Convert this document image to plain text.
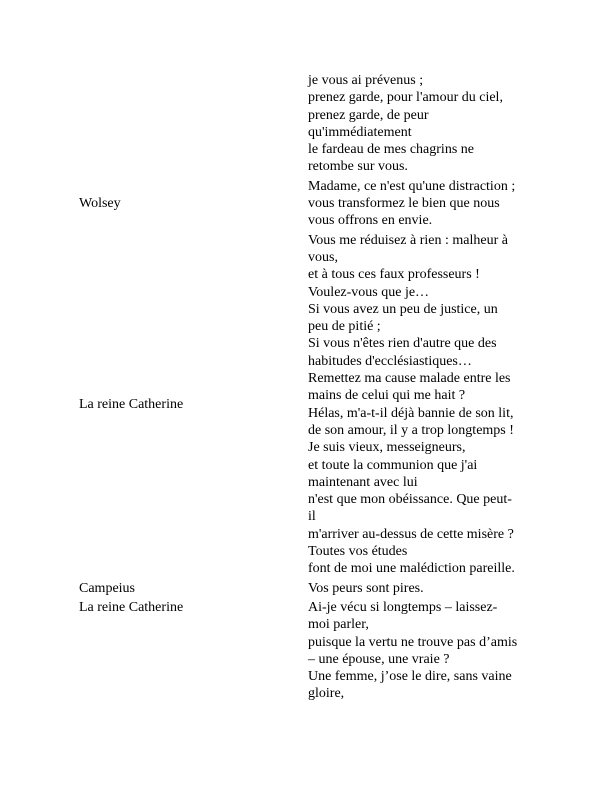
je vous ai prévenus ;
prenez garde, pour l'amour du ciel,
prenez garde, de peur
qu'immédiatement
le fardeau de mes chagrins ne
retombe sur vous.
Wolsey
Madame, ce n'est qu'une distraction ;
vous transformez le bien que nous
vous offrons en envie.
La reine Catherine
Vous me réduisez à rien : malheur à
vous,
et à tous ces faux professeurs !
Voulez-vous que je…
Si vous avez un peu de justice, un
peu de pitié ;
Si vous n'êtes rien d'autre que des
habitudes d'ecclésiastiques…
Remettez ma cause malade entre les
mains de celui qui me hait ?
Hélas, m'a-t-il déjà bannie de son lit,
de son amour, il y a trop longtemps !
Je suis vieux, messeigneurs,
et toute la communion que j'ai
maintenant avec lui
n'est que mon obéissance. Que peut-
il
m'arriver au-dessus de cette misère ?
Toutes vos études
font de moi une malédiction pareille.
Campeius	Vos peurs sont pires.
La reine Catherine	Ai-je vécu si longtemps – laissez-
moi parler,
puisque la vertu ne trouve pas d’amis
– une épouse, une vraie ?
Une femme, j’ose le dire, sans vaine
gloire,
